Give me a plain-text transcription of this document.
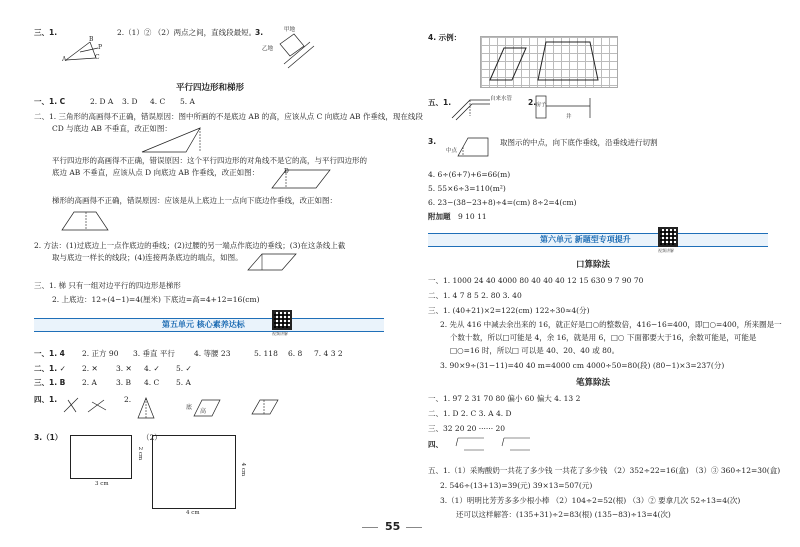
三、1.
A
B
C
P
2.（1）② （2）两点之间，直线段最短。
3.	甲地
乙地
平行四边形和梯形
一、1. C	2. D A 3. D 4. C 5. A
二、1. 三角形的高画得不正确，错误原因：图中所画的不是底边 AB 的高，应该从点 C 向底边 AB 作垂线，现在线段
CD 与底边 AB 不垂直，改正如图：
平行四边形的高画得不正确，错误原因：这个平行四边形的对角线不是它的高，与平行四边形的
底边 AB 不垂直，应该从点 D 向底边 AB 作垂线，改正如图：	D
梯形的高画得不正确，错误原因：应该是从上底边上一点向下底边作垂线，改正如图：
2. 方法：(1)过底边上一点作底边的垂线；(2)过腰的另一端点作底边的垂线；(3)在这条线上截
取与底边一样长的线段；(4)连接两条底边的端点，如图。
三、1. 梯 只有一组对边平行的四边形是梯形
2. 上底边：12÷(4−1)=4(厘米) 下底边=高=4+12=16(cm)
第五单元 核心素养达标
视频讲解
一、1. 4 2. 正方 90 3. 垂直 平行	4. 等腰 23	5. 118 6. 8 7. 4 3 2
二、1. ✓ 2. ✕ 3. ✕ 4. ✓ 5. ✓
三、1. B 2. A	3. B 4. C 5. A
四、1.	2.
底
高
3.（1）	（2）
3 cm
2 cm
4 cm
4 cm
4. 示例：
五、1.	自来水管 2. 房子
井
3.
中点
取图示的中点，向下底作垂线，沿垂线进行切割
4. 6÷(6+7)+6=66(m)
5. 55×6÷3=110(m²)
6. 23−(38−23+8)÷4=(cm) 8÷2=4(cm)
附加题 9 10 11
第六单元 新题型专项提升
视频讲解
口算除法
一、1. 1000 24 40 4000 80 40 40 40 12 15 630 9 7 90 70
二、1. 4 7 8 5 2. 80 3. 40
三、1. (40+21)×2=122(cm) 122÷30≈4(分)
2. 先从 416 中减去余出来的 16，就正好是□○的整数倍，416−16=400，即□○=400，所来圈是一
个数十数，所以□可能是 4，余 16，就是用 6，□○ 下面都要大于16，余数可能是，可能是
□○=16 时，所以□ 可以是 40、20、40 或 80。
3. 90×9÷(31−11)=40 40 m=4000 cm 4000÷50=80(段) (80−1)×3=237(分)
笔算除法
一、1. 97 2 31 70 80 偏小 60 偏大 4. 13 2
二、1. D 2. C 3. A 4. D
三、32 20 20 ······ 20
四、
五、1.（1）采购酸奶一共花了多少钱 一共花了多少钱 （2）352÷22=16(盒) （3）③ 360÷12=30(盒)
2. 546÷(13+13)=39(元) 39×13=507(元)
3.（1）明明比芳芳多多少根小棒 （2）104÷2=52(根) （3）② 要拿几次 52÷13=4(次)
还可以这样解答：(135+31)÷2=83(根) (135−83)÷13=4(次)
55
